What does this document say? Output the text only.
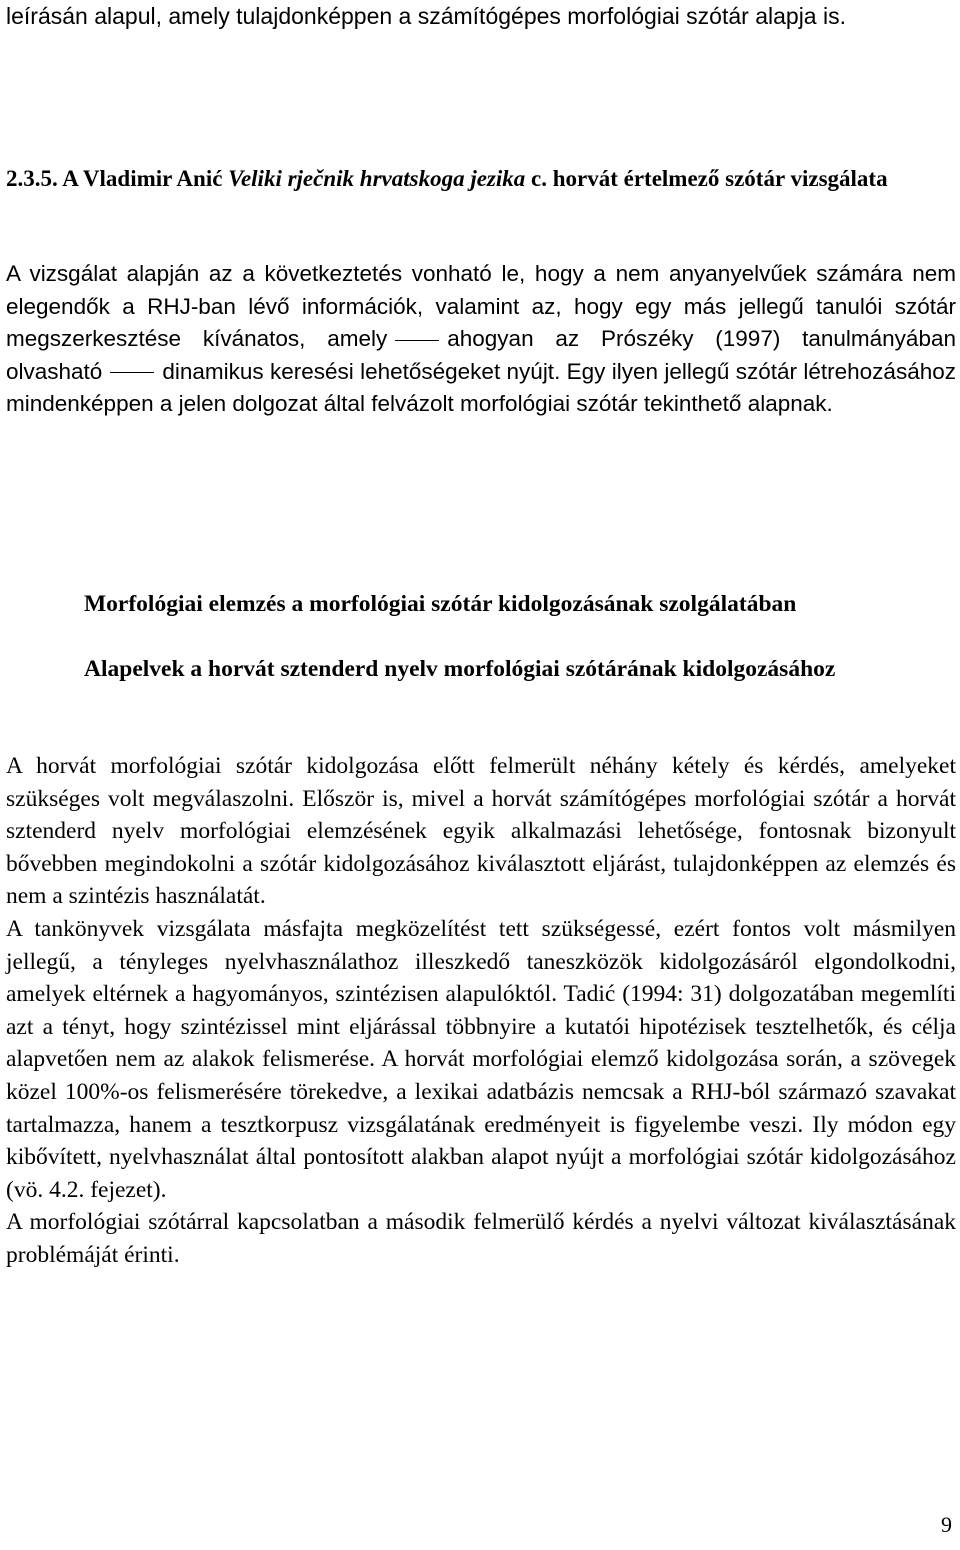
leírásán alapul, amely tulajdonképpen a számítógépes morfológiai szótár alapja is.

2.3.5. A Vladimir Anić Veliki rječnik hrvatskoga jezika c. horvát értelmező szótár vizsgálata

A vizsgálat alapján az a következtetés vonható le, hogy a nem anyanyelvűek számára nem elegendők a RHJ-ban lévő információk, valamint az, hogy egy más jellegű tanulói szótár megszerkesztése kívánatos, amely	ahogyan az Prószéky (1997) tanulmányában olvasható	dinamikus keresési lehetőségeket nyújt. Egy ilyen jellegű szótár létrehozásához mindenképpen a jelen dolgozat által felvázolt morfológiai szótár tekinthető alapnak.

Morfológiai elemzés a morfológiai szótár kidolgozásának szolgálatában

Alapelvek a horvát sztenderd nyelv morfológiai szótárának kidolgozásához

A horvát morfológiai szótár kidolgozása előtt felmerült néhány kétely és kérdés, amelyeket szükséges volt megválaszolni. Először is, mivel a horvát számítógépes morfológiai szótár a horvát sztenderd nyelv morfológiai elemzésének egyik alkalmazási lehetősége, fontosnak bizonyult bővebben megindokolni a szótár kidolgozásához kiválasztott eljárást, tulajdonképpen az elemzés és nem a szintézis használatát.

A tankönyvek vizsgálata másfajta megközelítést tett szükségessé, ezért fontos volt másmilyen jellegű, a tényleges nyelvhasználathoz illeszkedő taneszközök kidolgozásáról elgondolkodni, amelyek eltérnek a hagyományos, szintézisen alapulóktól. Tadić (1994: 31) dolgozatában megemlíti azt a tényt, hogy szintézissel mint eljárással többnyire a kutatói hipotézisek tesztelhetők, és célja alapvetően nem az alakok felismerése. A horvát morfológiai elemző kidolgozása során, a szövegek közel 100%-os felismerésére törekedve, a lexikai adatbázis nemcsak a RHJ-ból származó szavakat tartalmazza, hanem a tesztkorpusz vizsgálatának eredményeit is figyelembe veszi. Ily módon egy kibővített, nyelvhasználat által pontosított alakban alapot nyújt a morfológiai szótár kidolgozásához (vö. 4.2. fejezet).

A morfológiai szótárral kapcsolatban a második felmerülő kérdés a nyelvi változat kiválasztásának problémáját érinti.

9
